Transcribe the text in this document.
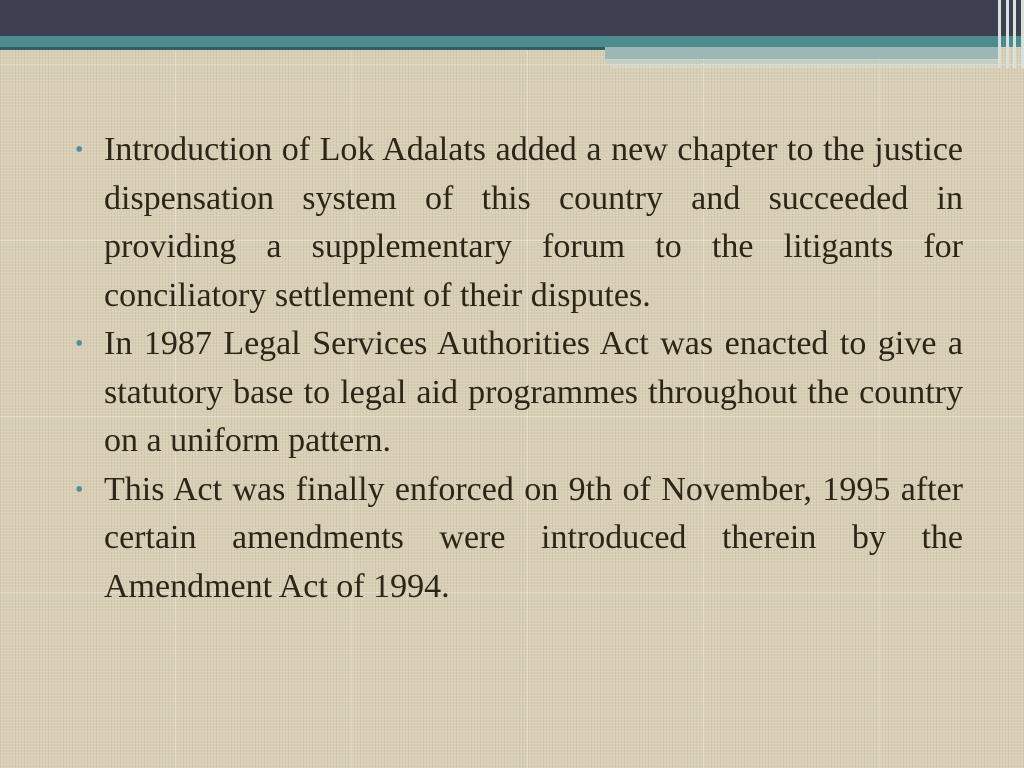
• Introduction of Lok Adalats added a new chapter to the justice dispensation system of this country and succeeded in providing a supplementary forum to the litigants for conciliatory settlement of their disputes.
• In 1987 Legal Services Authorities Act was enacted to give a statutory base to legal aid programmes throughout the country on a uniform pattern.
• This Act was finally enforced on 9th of November, 1995 after certain amendments were introduced therein by the Amendment Act of 1994.
